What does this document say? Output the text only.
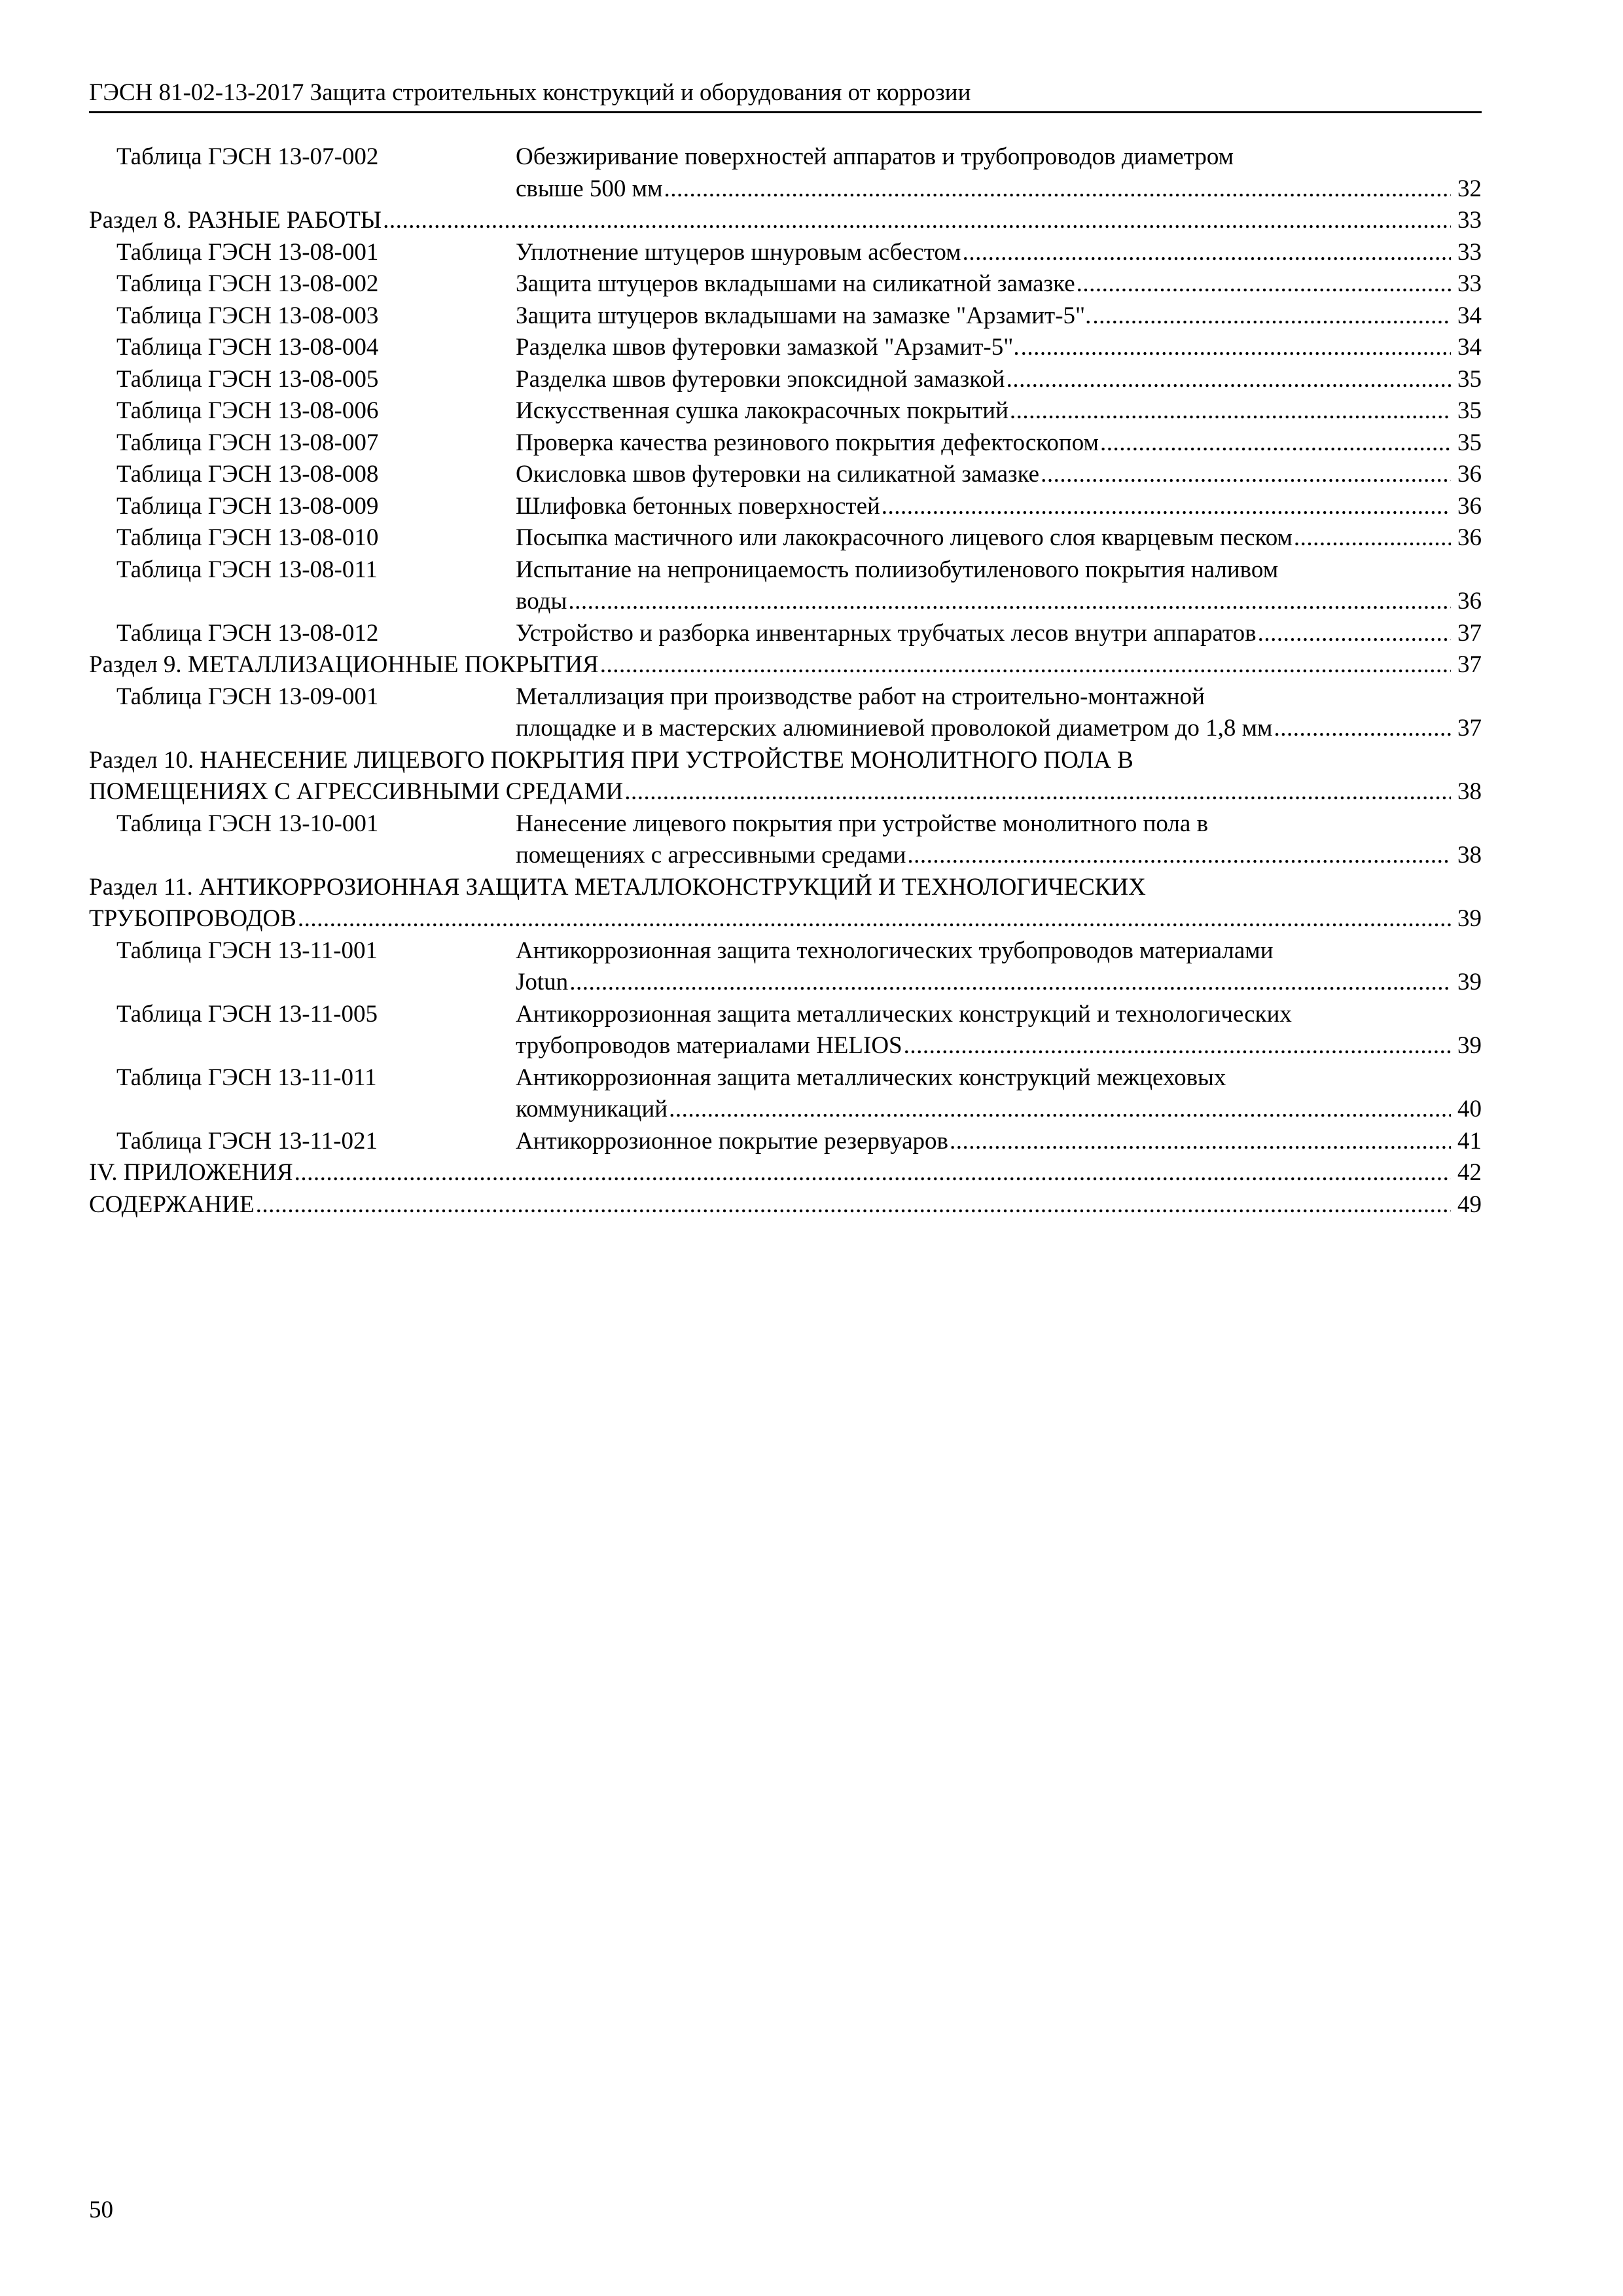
ГЭСН 81-02-13-2017 Защита строительных конструкций и оборудования от коррозии
Таблица ГЭСН 13-07-002	Обезжиривание поверхностей аппаратов и трубопроводов диаметром
свыше 500 мм .....	32
Раздел 8. РАЗНЫЕ РАБОТЫ .....	33
Таблица ГЭСН 13-08-001	Уплотнение штуцеров шнуровым асбестом .....	33
Таблица ГЭСН 13-08-002	Защита штуцеров вкладышами на силикатной замазке .....	33
Таблица ГЭСН 13-08-003	Защита штуцеров вкладышами на замазке "Арзамит-5". .....	34
Таблица ГЭСН 13-08-004	Разделка швов футеровки замазкой "Арзамит-5". .....	34
Таблица ГЭСН 13-08-005	Разделка швов футеровки эпоксидной замазкой .....	35
Таблица ГЭСН 13-08-006	Искусственная сушка лакокрасочных покрытий .....	35
Таблица ГЭСН 13-08-007	Проверка качества резинового покрытия дефектоскопом .....	35
Таблица ГЭСН 13-08-008	Окисловка швов футеровки на силикатной замазке .....	36
Таблица ГЭСН 13-08-009	Шлифовка бетонных поверхностей .....	36
Таблица ГЭСН 13-08-010	Посыпка мастичного или лакокрасочного лицевого слоя кварцевым песком .....	36
Таблица ГЭСН 13-08-011	Испытание на непроницаемость полиизобутиленового покрытия наливом
воды .....	36
Таблица ГЭСН 13-08-012	Устройство и разборка инвентарных трубчатых лесов внутри аппаратов .....	37
Раздел 9. МЕТАЛЛИЗАЦИОННЫЕ ПОКРЫТИЯ .....	37
Таблица ГЭСН 13-09-001	Металлизация при производстве работ на строительно-монтажной
площадке и в мастерских алюминиевой проволокой диаметром до 1,8 мм .....	37
Раздел 10. НАНЕСЕНИЕ ЛИЦЕВОГО ПОКРЫТИЯ ПРИ УСТРОЙСТВЕ МОНОЛИТНОГО ПОЛА В
ПОМЕЩЕНИЯХ С АГРЕССИВНЫМИ СРЕДАМИ .....	38
Таблица ГЭСН 13-10-001	Нанесение лицевого покрытия при устройстве монолитного пола в
помещениях с агрессивными средами .....	38
Раздел 11. АНТИКОРРОЗИОННАЯ ЗАЩИТА МЕТАЛЛОКОНСТРУКЦИЙ И ТЕХНОЛОГИЧЕСКИХ
ТРУБОПРОВОДОВ .....	39
Таблица ГЭСН 13-11-001	Антикоррозионная защита технологических трубопроводов материалами
Jotun .....	39
Таблица ГЭСН 13-11-005	Антикоррозионная защита металлических конструкций и технологических
трубопроводов материалами HELIOS .....	39
Таблица ГЭСН 13-11-011	Антикоррозионная защита металлических конструкций межцеховых
коммуникаций .....	40
Таблица ГЭСН 13-11-021	Антикоррозионное покрытие резервуаров .....	41
IV. ПРИЛОЖЕНИЯ .....	42
СОДЕРЖАНИЕ .....	49
50
